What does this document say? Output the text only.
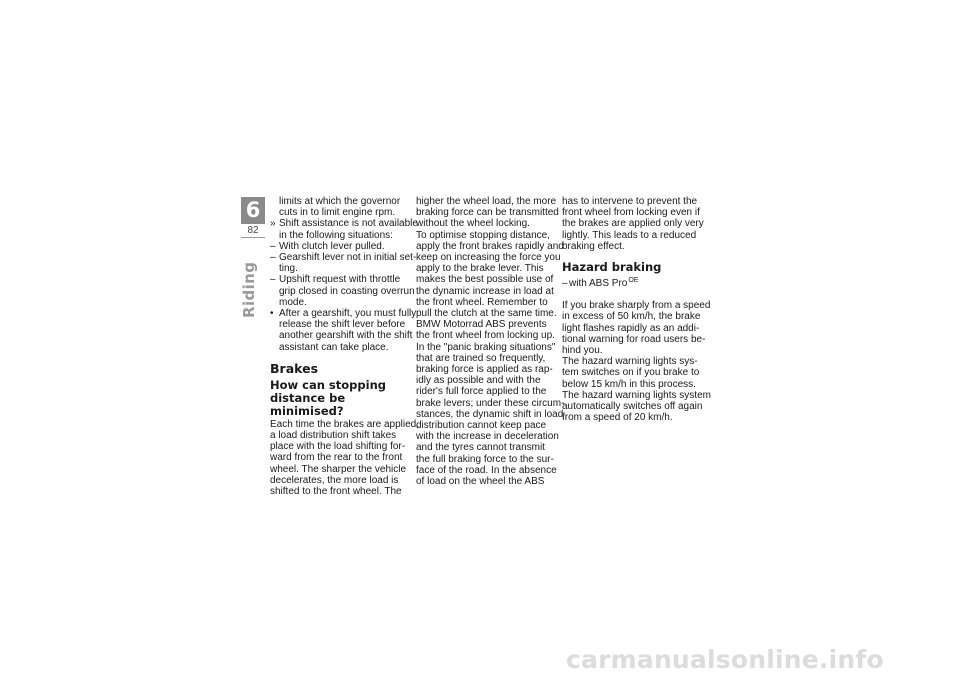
6
82
Riding
limits at which the governor
cuts in to limit engine rpm.
» Shift assistance is not available
in the following situations:
– With clutch lever pulled.
– Gearshift lever not in initial set-
ting.
– Upshift request with throttle
grip closed in coasting overrun
mode.
• After a gearshift, you must fully
release the shift lever before
another gearshift with the shift
assistant can take place.
Brakes
How can stopping
distance be minimised?
Each time the brakes are applied,
a load distribution shift takes
place with the load shifting for-
ward from the rear to the front
wheel. The sharper the vehicle
decelerates, the more load is
shifted to the front wheel. The
higher the wheel load, the more
braking force can be transmitted
without the wheel locking.
To optimise stopping distance,
apply the front brakes rapidly and
keep on increasing the force you
apply to the brake lever. This
makes the best possible use of
the dynamic increase in load at
the front wheel. Remember to
pull the clutch at the same time.
BMW Motorrad ABS prevents
the front wheel from locking up.
In the "panic braking situations"
that are trained so frequently,
braking force is applied as rap-
idly as possible and with the
rider's full force applied to the
brake levers; under these circum-
stances, the dynamic shift in load
distribution cannot keep pace
with the increase in deceleration
and the tyres cannot transmit
the full braking force to the sur-
face of the road. In the absence
of load on the wheel the ABS
has to intervene to prevent the
front wheel from locking even if
the brakes are applied only very
lightly. This leads to a reduced
braking effect.
Hazard braking
–with ABS Pro$^{OE}$
If you brake sharply from a speed
in excess of 50 km/h, the brake
light flashes rapidly as an addi-
tional warning for road users be-
hind you.
The hazard warning lights sys-
tem switches on if you brake to
below 15 km/h in this process.
The hazard warning lights system
automatically switches off again
from a speed of 20 km/h.
carmanualsonline.info
